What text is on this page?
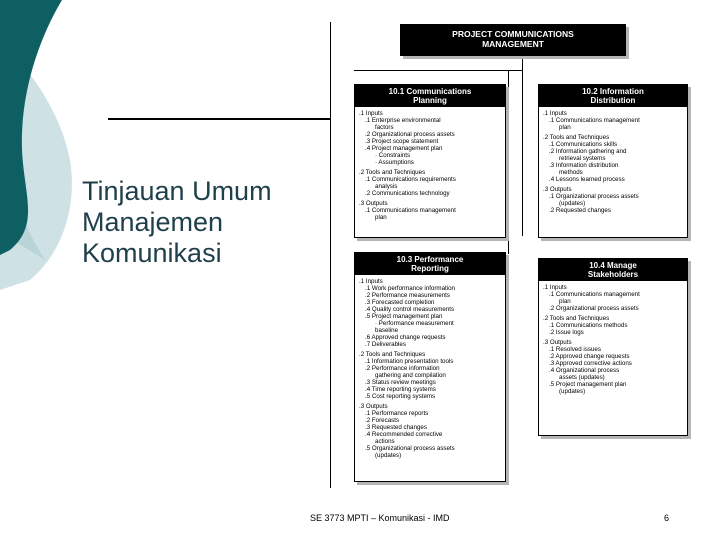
Tinjauan Umum
Manajemen
Komunikasi
PROJECT COMMUNICATIONS
MANAGEMENT
10.1 Communications
Planning
.1 Inputs
.1 Enterprise environmental
factors
.2 Organizational process assets
.3 Project scope statement
.4 Project management plan
· Constraints
· Assumptions
.2 Tools and Techniques
.1 Communications requirements
analysis
.2 Communications technology
.3 Outputs
.1 Communications management
plan
10.2 Information
Distribution
.1 Inputs
.1 Communications management
plan
.2 Tools and Techniques
.1 Communications skills
.2 Information gathering and
retrieval systems
.3 Information distribution
methods
.4 Lessons learned process
.3 Outputs
.1 Organizational process assets
(updates)
.2 Requested changes
10.3 Performance
Reporting
.1 Inputs
.1 Work performance information
.2 Performance measurements
.3 Forecasted completion
.4 Quality control measurements
.5 Project management plan
· Performance measurement
baseline
.6 Approved change requests
.7 Deliverables
.2 Tools and Techniques
.1 Information presentation tools
.2 Performance information
gathering and compilation
.3 Status review meetings
.4 Time reporting systems
.5 Cost reporting systems
.3 Outputs
.1 Performance reports
.2 Forecasts
.3 Requested changes
.4 Recommended corrective
actions
.5 Organizational process assets
(updates)
10.4 Manage
Stakeholders
.1 Inputs
.1 Communications management
plan
.2 Organizational process assets
.2 Tools and Techniques
.1 Communications methods
.2 Issue logs
.3 Outputs
.1 Resolved issues
.2 Approved change requests
.3 Approved corrective actions
.4 Organizational process
assets (updates)
.5 Project management plan
(updates)
SE 3773 MPTI – Komunikasi - IMD	6
